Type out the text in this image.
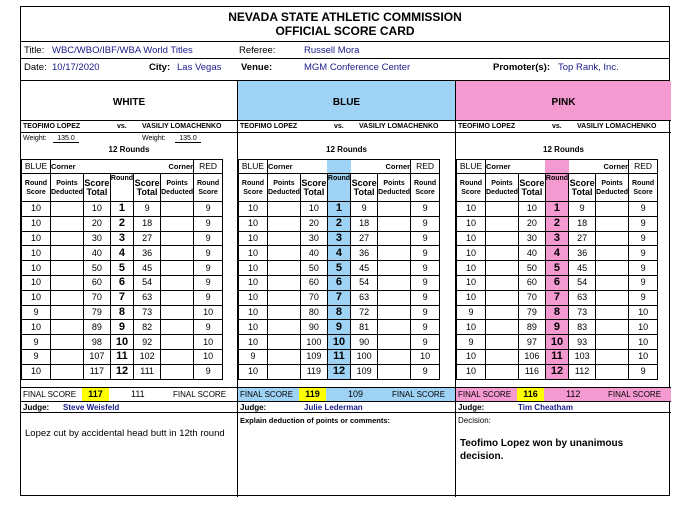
NEVADA STATE ATHLETIC COMMISSION
OFFICIAL SCORE CARD
Title: WBC/WBO/IBF/WBA World Titles	Referee:	Russell Mora
Date: 10/17/2020	City: Las Vegas Venue:	MGM Conference Center	Promoter(s): Top Rank, Inc.
WHITE
TEOFIMO LOPEZ	vs. VASILIY LOMACHENKO
Weight:	135.0	Weight:	135.0
12 Rounds
BLUE	Corner			Corner		RED
Round
Score	Points
Deducted	Score
Total	Round	Score
Total	Points
Deducted	Round
Score
10		10	1	9		9
10		20	2	18		9
10		30	3	27		9
10		40	4	36		9
10		50	5	45		9
10		60	6	54		9
10		70	7	63		9
9		79	8	73		10
10		89	9	82		9
9		98	10	92		10
9		107	11	102		10
10		117	12	111		9
FINAL SCORE	117	111	FINAL SCORE
Judge: Steve Weisfeld
BLUE
TEOFIMO LOPEZ	vs. VASILIY LOMACHENKO
12 Rounds
BLUE	Corner			Corner		RED
Round
Score	Points
Deducted	Score
Total	Round	Score
Total	Points
Deducted	Round
Score
10		10	1	9		9
10		20	2	18		9
10		30	3	27		9
10		40	4	36		9
10		50	5	45		9
10		60	6	54		9
10		70	7	63		9
10		80	8	72		9
10		90	9	81		9
10		100	10	90		9
9		109	11	100		10
10		119	12	109		9
FINAL SCORE	119	109	FINAL SCORE
Judge:	Julie Lederman
PINK
TEOFIMO LOPEZ	vs. VASILIY LOMACHENKO
12 Rounds
BLUE	Corner			Corner		RED
Round
Score	Points
Deducted	Score
Total	Round	Score
Total	Points
Deducted	Round
Score
10		10	1	9		9
10		20	2	18		9
10		30	3	27		9
10		40	4	36		9
10		50	5	45		9
10		60	6	54		9
10		70	7	63		9
9		79	8	73		10
10		89	9	83		10
9		97	10	93		10
10		106	11	103		10
10		116	12	112		9
FINAL SCORE	116	112	FINAL SCORE
Judge:	Tim Cheatham
Lopez cut by accidental head butt in 12th round
Explain deduction of points or comments:	Decision:
Teofimo Lopez won by unanimous decision.
